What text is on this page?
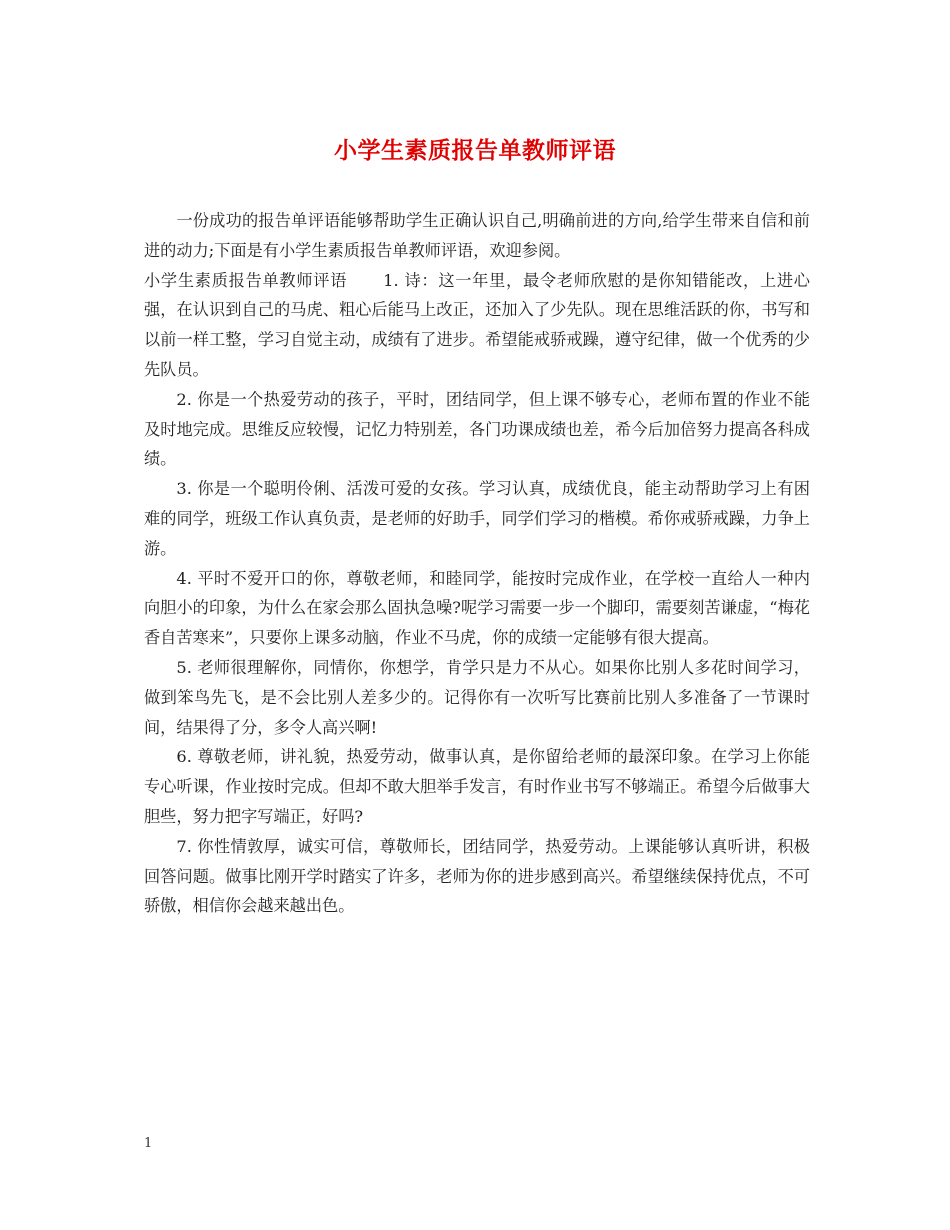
小学生素质报告单教师评语

一份成功的报告单评语能够帮助学生正确认识自己,明确前进的方向,给学生带来自信和前进的动力;下面是有小学生素质报告单教师评语，欢迎参阅。

小学生素质报告单教师评语 1. 诗：这一年里，最令老师欣慰的是你知错能改，上进心强，在认识到自己的马虎、粗心后能马上改正，还加入了少先队。现在思维活跃的你，书写和以前一样工整，学习自觉主动，成绩有了进步。希望能戒骄戒躁，遵守纪律，做一个优秀的少先队员。

2. 你是一个热爱劳动的孩子，平时，团结同学，但上课不够专心，老师布置的作业不能及时地完成。思维反应较慢，记忆力特别差，各门功课成绩也差，希今后加倍努力提高各科成绩。

3. 你是一个聪明伶俐、活泼可爱的女孩。学习认真，成绩优良，能主动帮助学习上有困难的同学，班级工作认真负责，是老师的好助手，同学们学习的楷模。希你戒骄戒躁，力争上游。

4. 平时不爱开口的你，尊敬老师，和睦同学，能按时完成作业，在学校一直给人一种内向胆小的印象，为什么在家会那么固执急噪?呢学习需要一步一个脚印，需要刻苦谦虚，“梅花香自苦寒来”，只要你上课多动脑，作业不马虎，你的成绩一定能够有很大提高。

5. 老师很理解你，同情你，你想学，肯学只是力不从心。如果你比别人多花时间学习，做到笨鸟先飞，是不会比别人差多少的。记得你有一次听写比赛前比别人多准备了一节课时间，结果得了分，多令人高兴啊!

6. 尊敬老师，讲礼貌，热爱劳动，做事认真，是你留给老师的最深印象。在学习上你能专心听课，作业按时完成。但却不敢大胆举手发言，有时作业书写不够端正。希望今后做事大胆些，努力把字写端正，好吗?

7. 你性情敦厚，诚实可信，尊敬师长，团结同学，热爱劳动。上课能够认真听讲，积极回答问题。做事比刚开学时踏实了许多，老师为你的进步感到高兴。希望继续保持优点，不可骄傲，相信你会越来越出色。

1
